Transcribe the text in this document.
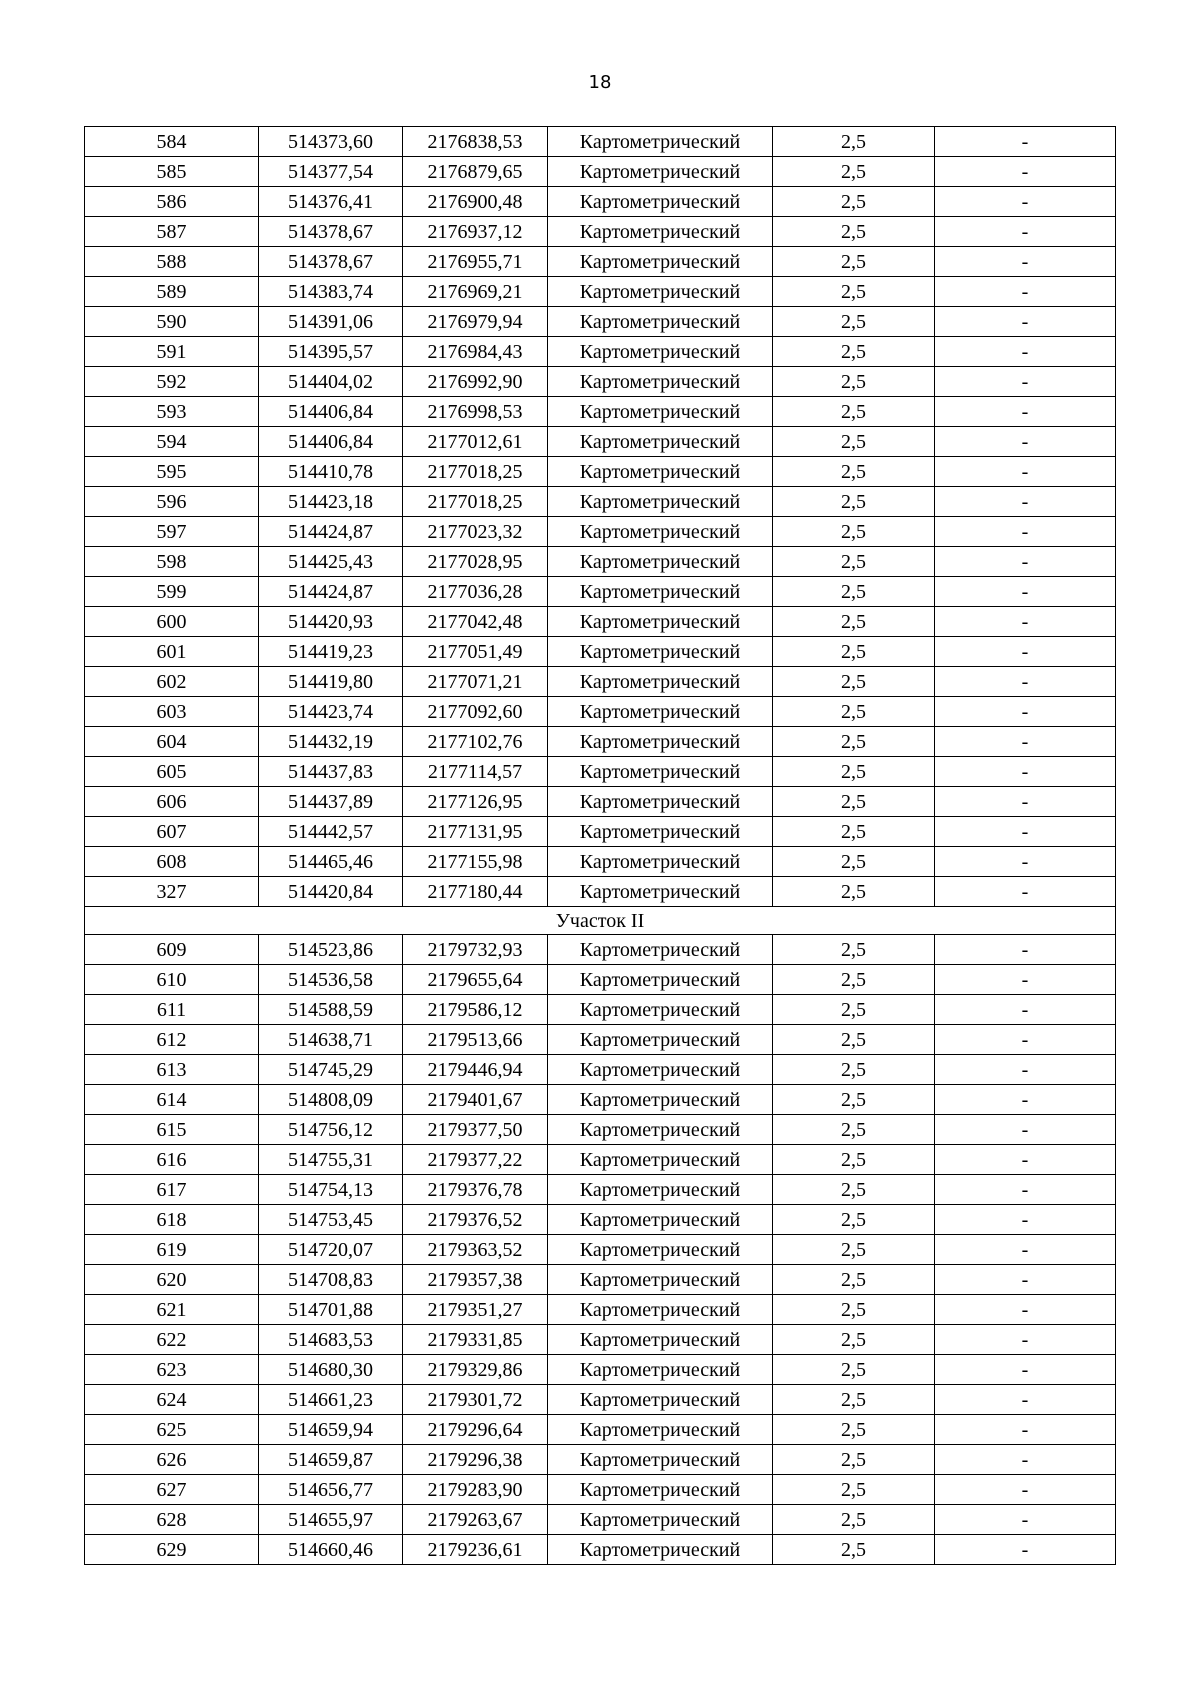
18
584	514373,60	2176838,53	Картометрический	2,5	-
585	514377,54	2176879,65	Картометрический	2,5	-
586	514376,41	2176900,48	Картометрический	2,5	-
587	514378,67	2176937,12	Картометрический	2,5	-
588	514378,67	2176955,71	Картометрический	2,5	-
589	514383,74	2176969,21	Картометрический	2,5	-
590	514391,06	2176979,94	Картометрический	2,5	-
591	514395,57	2176984,43	Картометрический	2,5	-
592	514404,02	2176992,90	Картометрический	2,5	-
593	514406,84	2176998,53	Картометрический	2,5	-
594	514406,84	2177012,61	Картометрический	2,5	-
595	514410,78	2177018,25	Картометрический	2,5	-
596	514423,18	2177018,25	Картометрический	2,5	-
597	514424,87	2177023,32	Картометрический	2,5	-
598	514425,43	2177028,95	Картометрический	2,5	-
599	514424,87	2177036,28	Картометрический	2,5	-
600	514420,93	2177042,48	Картометрический	2,5	-
601	514419,23	2177051,49	Картометрический	2,5	-
602	514419,80	2177071,21	Картометрический	2,5	-
603	514423,74	2177092,60	Картометрический	2,5	-
604	514432,19	2177102,76	Картометрический	2,5	-
605	514437,83	2177114,57	Картометрический	2,5	-
606	514437,89	2177126,95	Картометрический	2,5	-
607	514442,57	2177131,95	Картометрический	2,5	-
608	514465,46	2177155,98	Картометрический	2,5	-
327	514420,84	2177180,44	Картометрический	2,5	-
Участок II					
609	514523,86	2179732,93	Картометрический	2,5	-
610	514536,58	2179655,64	Картометрический	2,5	-
611	514588,59	2179586,12	Картометрический	2,5	-
612	514638,71	2179513,66	Картометрический	2,5	-
613	514745,29	2179446,94	Картометрический	2,5	-
614	514808,09	2179401,67	Картометрический	2,5	-
615	514756,12	2179377,50	Картометрический	2,5	-
616	514755,31	2179377,22	Картометрический	2,5	-
617	514754,13	2179376,78	Картометрический	2,5	-
618	514753,45	2179376,52	Картометрический	2,5	-
619	514720,07	2179363,52	Картометрический	2,5	-
620	514708,83	2179357,38	Картометрический	2,5	-
621	514701,88	2179351,27	Картометрический	2,5	-
622	514683,53	2179331,85	Картометрический	2,5	-
623	514680,30	2179329,86	Картометрический	2,5	-
624	514661,23	2179301,72	Картометрический	2,5	-
625	514659,94	2179296,64	Картометрический	2,5	-
626	514659,87	2179296,38	Картометрический	2,5	-
627	514656,77	2179283,90	Картометрический	2,5	-
628	514655,97	2179263,67	Картометрический	2,5	-
629	514660,46	2179236,61	Картометрический	2,5	-
